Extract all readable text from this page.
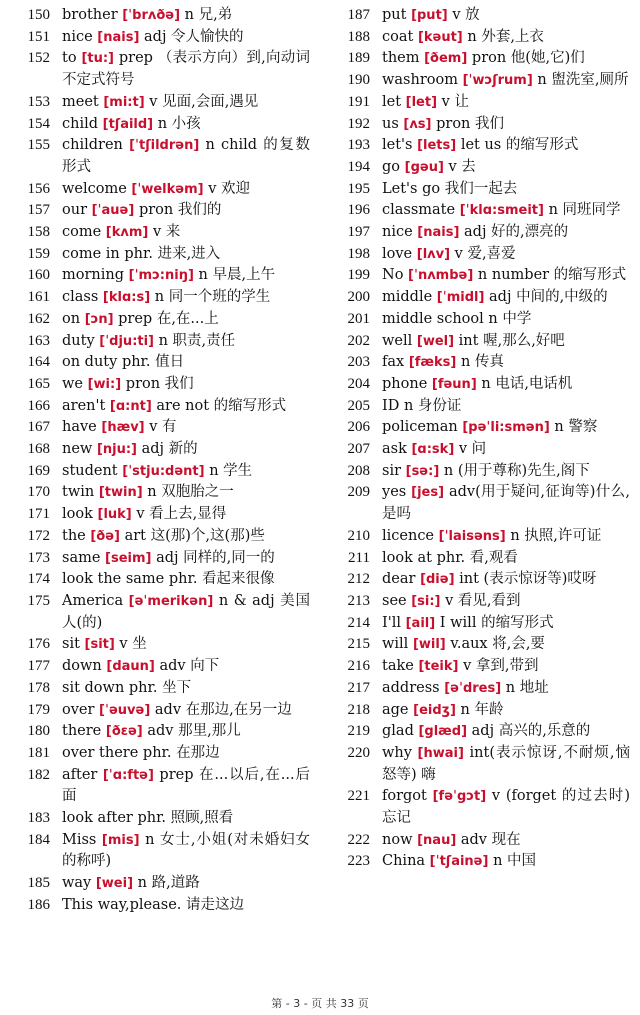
150 brother [ˈbrʌðə] n 兄,弟
151 nice [nais] adj 令人愉快的
152 to [tu:] prep （表示方向）到,向动词不定式符号
153 meet [mi:t] v 见面,会面,遇见
154 child [tʃaild] n 小孩
155 children [ˈtʃildrən] n child 的复数形式
156 welcome [ˈwelkəm] v 欢迎
157 our [ˈauə] pron 我们的
158 come [kʌm] v 来
159 come in phr. 进来,进入
160 morning [ˈmɔ:niŋ] n 早晨,上午
161 class [klɑ:s] n 同一个班的学生
162 on [ɔn] prep 在,在...上
163 duty [ˈdju:ti] n 职责,责任
164 on duty phr. 值日
165 we [wi:] pron 我们
166 aren't [ɑ:nt] are not 的缩写形式
167 have [hæv] v 有
168 new [nju:] adj 新的
169 student [ˈstju:dənt] n 学生
170 twin [twin] n 双胞胎之一
171 look [luk] v 看上去,显得
172 the [ðə] art 这(那)个,这(那)些
173 same [seim] adj 同样的,同一的
174 look the same phr. 看起来很像
175 America [əˈmerikən] n & adj 美国人(的)
176 sit [sit] v 坐
177 down [daun] adv 向下
178 sit down phr. 坐下
179 over [ˈəuvə] adv 在那边,在另一边
180 there [ðɛə] adv 那里,那儿
181 over there phr. 在那边
182 after [ˈɑ:ftə] prep 在...以后,在...后面
183 look after phr. 照顾,照看
184 Miss [mis] n 女士,小姐(对未婚妇女的称呼)
185 way [wei] n 路,道路
186 This way,please. 请走这边
187 put [put] v 放
188 coat [kəut] n 外套,上衣
189 them [ðem] pron 他(她,它)们
190 washroom [ˈwɔʃrum] n 盥洗室,厕所
191 let [let] v 让
192 us [ʌs] pron 我们
193 let's [lets] let us 的缩写形式
194 go [gəu] v 去
195 Let's go 我们一起去
196 classmate [ˈklɑ:smeit] n 同班同学
197 nice [nais] adj 好的,漂亮的
198 love [lʌv] v 爱,喜爱
199 No [ˈnʌmbə] n number 的缩写形式
200 middle [ˈmidl] adj 中间的,中级的
201 middle school n 中学
202 well [wel] int 喔,那么,好吧
203 fax [fæks] n 传真
204 phone [fəun] n 电话,电话机
205 ID n 身份证
206 policeman [pəˈli:smən] n 警察
207 ask [ɑ:sk] v 问
208 sir [sə:] n (用于尊称)先生,阁下
209 yes [jes] adv(用于疑问,征询等)什么,是吗
210 licence [ˈlaisəns] n 执照,许可证
211 look at phr. 看,观看
212 dear [diə] int (表示惊讶等)哎呀
213 see [si:] v 看见,看到
214 I'll [ail] I will 的缩写形式
215 will [wil] v.aux 将,会,要
216 take [teik] v 拿到,带到
217 address [əˈdres] n 地址
218 age [eidʒ] n 年龄
219 glad [glæd] adj 高兴的,乐意的
220 why [hwai] int(表示惊讶,不耐烦,恼怒等) 嗨
221 forgot [fəˈgɔt] v (forget 的过去时)忘记
222 now [nau] adv 现在
223 China [ˈtʃainə] n 中国
第 - 3 - 页 共 33 页
